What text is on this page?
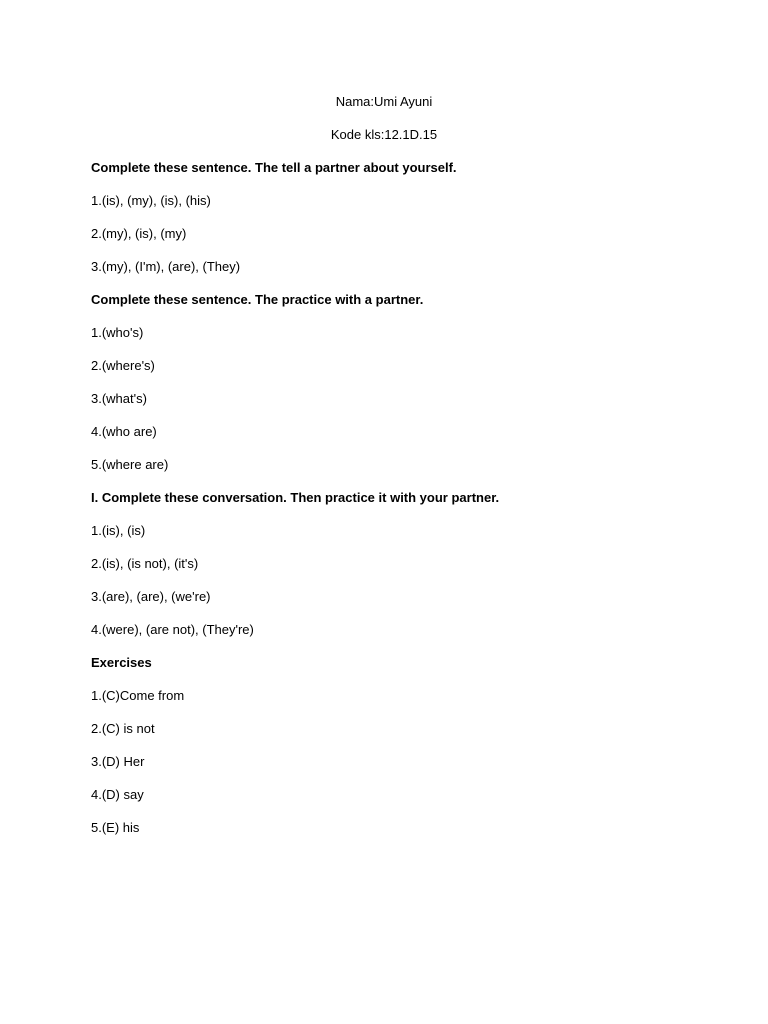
Nama:Umi Ayuni
Kode kls:12.1D.15
Complete these sentence. The tell a partner about yourself.
1.(is), (my), (is), (his)
2.(my), (is), (my)
3.(my), (I'm), (are), (They)
Complete these sentence. The practice with a partner.
1.(who's)
2.(where's)
3.(what's)
4.(who are)
5.(where are)
I. Complete these conversation. Then practice it with your partner.
1.(is), (is)
2.(is), (is not), (it's)
3.(are), (are), (we're)
4.(were), (are not), (They're)
Exercises
1.(C)Come from
2.(C) is not
3.(D) Her
4.(D) say
5.(E) his
